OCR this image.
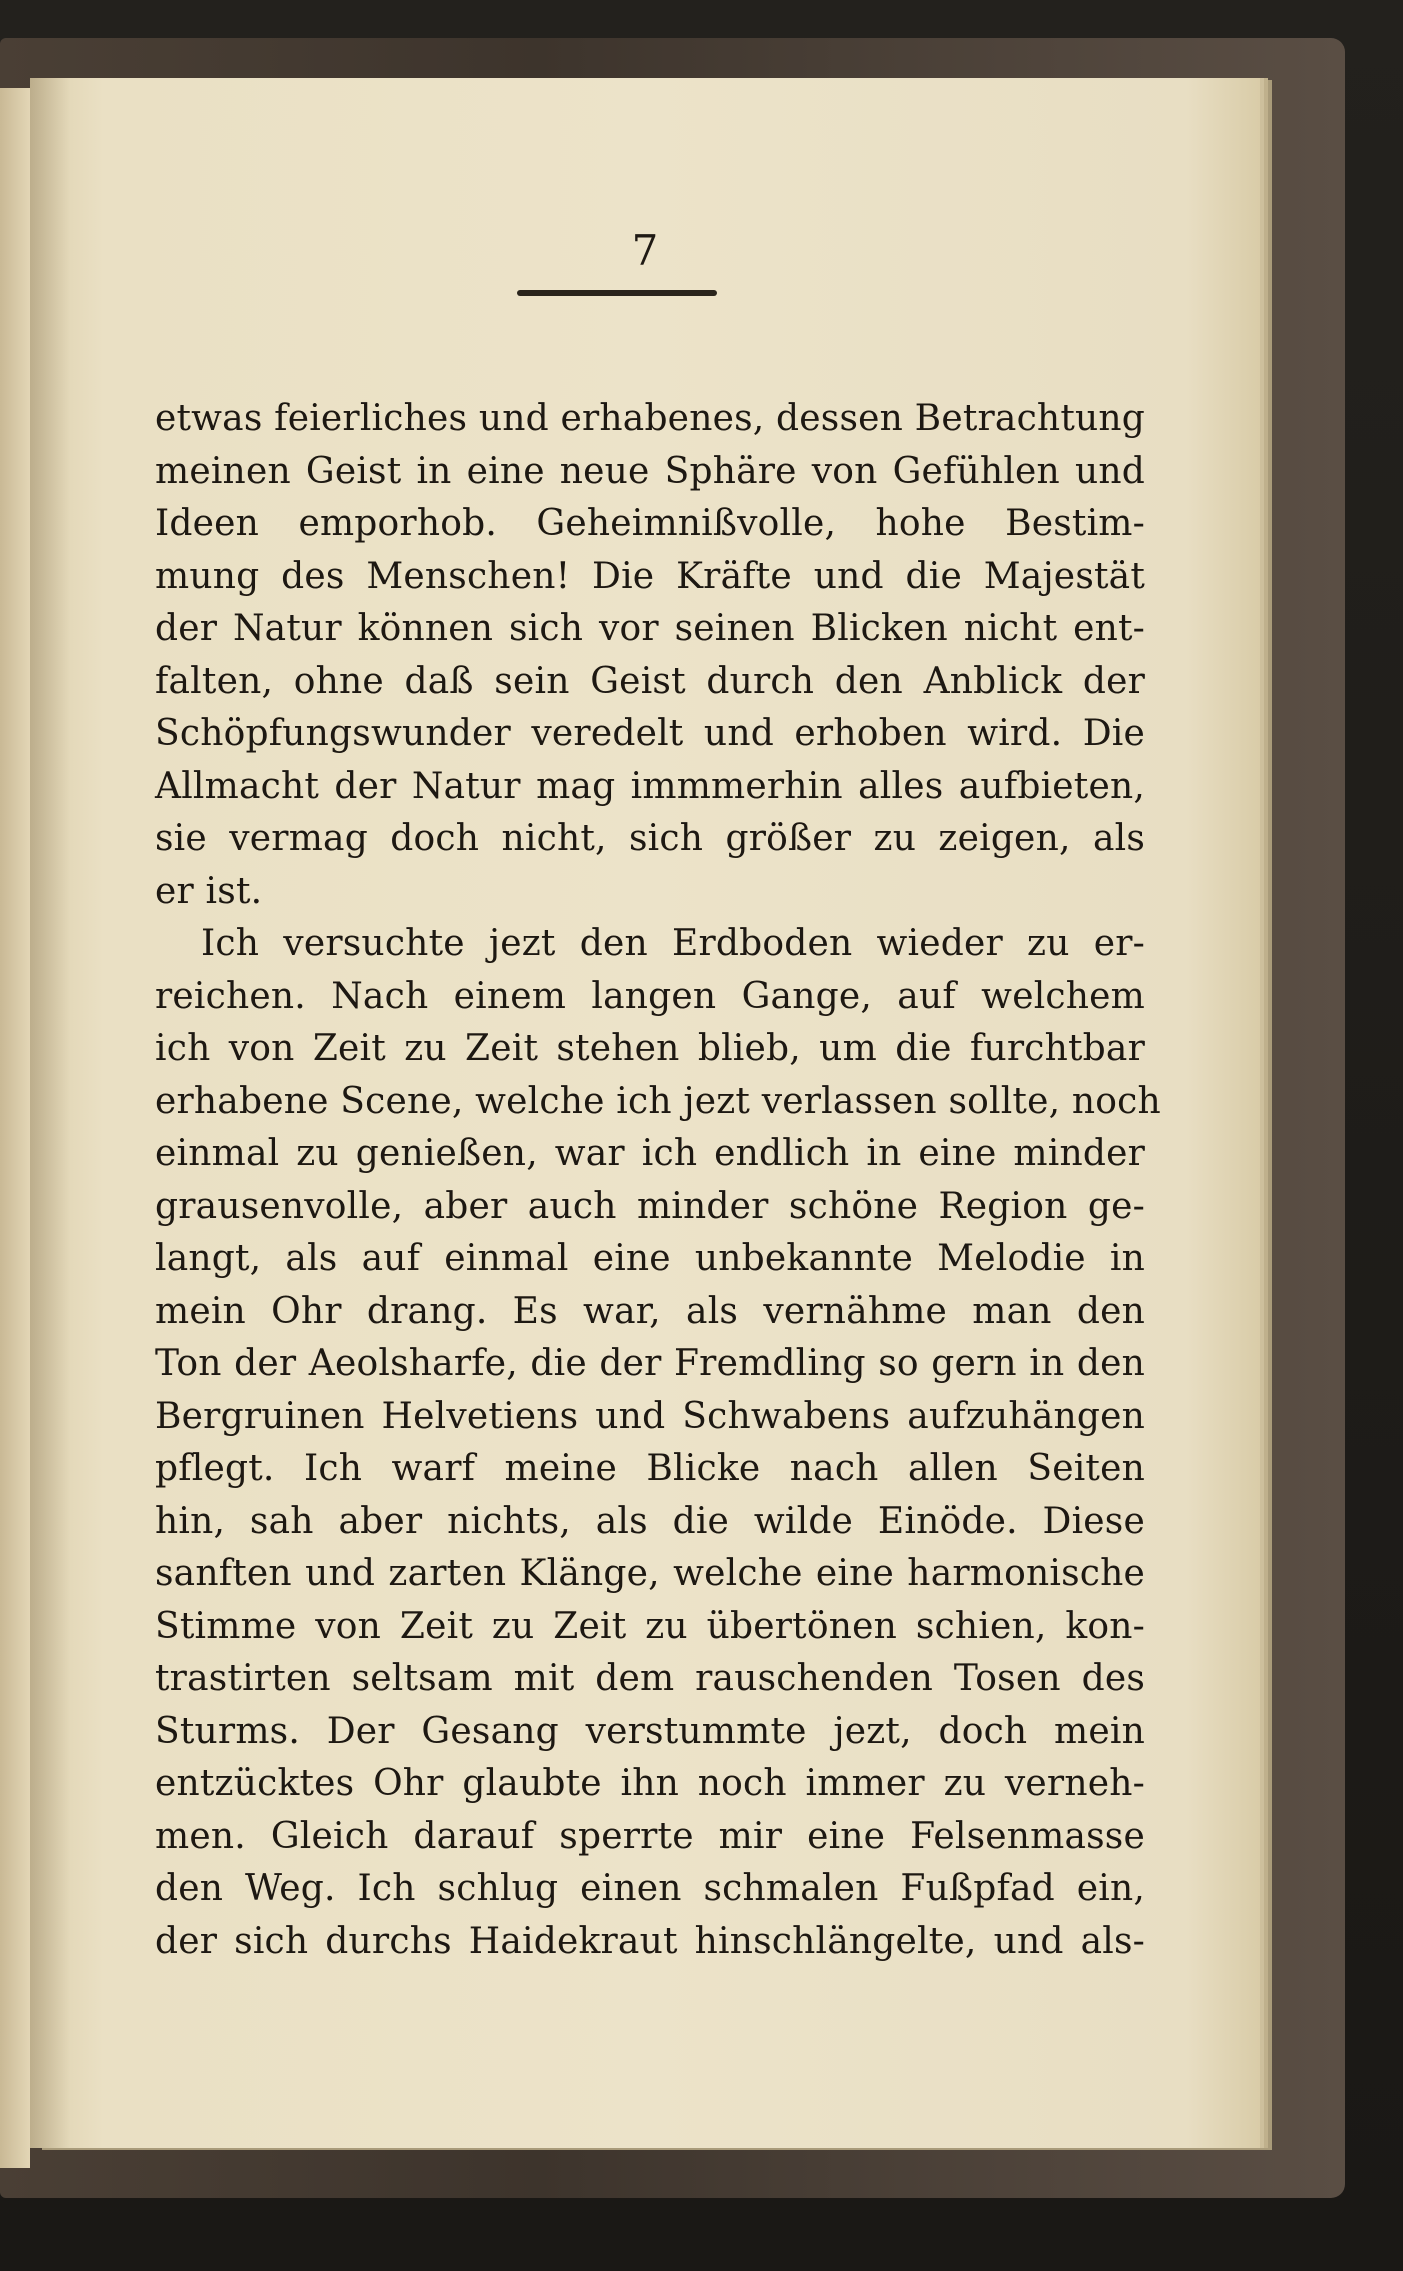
7
etwas feierliches und erhabenes, dessen Betrachtung
meinen Geist in eine neue Sphäre von Gefühlen und
Ideen emporhob. Geheimnißvolle, hohe Bestim-
mung des Menschen! Die Kräfte und die Majestät
der Natur können sich vor seinen Blicken nicht ent-
falten, ohne daß sein Geist durch den Anblick der
Schöpfungswunder veredelt und erhoben wird. Die
Allmacht der Natur mag immmerhin alles aufbieten,
sie vermag doch nicht, sich größer zu zeigen, als
er ist.
Ich versuchte jezt den Erdboden wieder zu er-
reichen. Nach einem langen Gange, auf welchem
ich von Zeit zu Zeit stehen blieb, um die furchtbar
erhabene Scene, welche ich jezt verlassen sollte, noch
einmal zu genießen, war ich endlich in eine minder
grausenvolle, aber auch minder schöne Region ge-
langt, als auf einmal eine unbekannte Melodie in
mein Ohr drang. Es war, als vernähme man den
Ton der Aeolsharfe, die der Fremdling so gern in den
Bergruinen Helvetiens und Schwabens aufzuhängen
pflegt. Ich warf meine Blicke nach allen Seiten
hin, sah aber nichts, als die wilde Einöde. Diese
sanften und zarten Klänge, welche eine harmonische
Stimme von Zeit zu Zeit zu übertönen schien, kon-
trastirten seltsam mit dem rauschenden Tosen des
Sturms. Der Gesang verstummte jezt, doch mein
entzücktes Ohr glaubte ihn noch immer zu verneh-
men. Gleich darauf sperrte mir eine Felsenmasse
den Weg. Ich schlug einen schmalen Fußpfad ein,
der sich durchs Haidekraut hinschlängelte, und als-
